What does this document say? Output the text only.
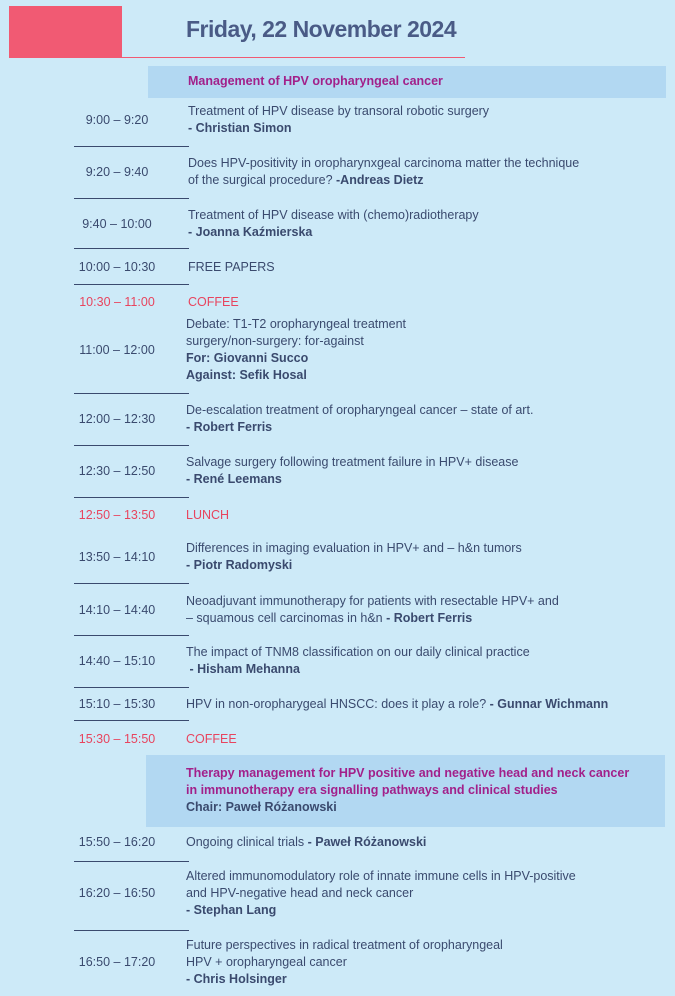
Friday, 22 November 2024
Management of HPV oropharyngeal cancer
Therapy management for HPV positive and negative head and neck cancer
in immunotherapy era signalling pathways and clinical studies
Chair: Paweł Różanowski
9:00 – 9:20
Treatment of HPV disease by transoral robotic surgery
- Christian Simon
9:20 – 9:40
Does HPV-positivity in oropharynxgeal carcinoma matter the technique
of the surgical procedure? -Andreas Dietz
9:40 – 10:00
Treatment of HPV disease with (chemo)radiotherapy
- Joanna Kaźmierska
10:00 – 10:30	FREE PAPERS
10:30 – 11:00	COFFEE
11:00 – 12:00
Debate: T1-T2 oropharyngeal treatment
surgery/non-surgery: for-against
For: Giovanni Succo
Against: Sefik Hosal
12:00 – 12:30
De-escalation treatment of oropharyngeal cancer – state of art.
- Robert Ferris
12:30 – 12:50
Salvage surgery following treatment failure in HPV+ disease
- René Leemans
12:50 – 13:50	LUNCH
13:50 – 14:10
Differences in imaging evaluation in HPV+ and – h&n tumors
- Piotr Radomyski
14:10 – 14:40
Neoadjuvant immunotherapy for patients with resectable HPV+ and
– squamous cell carcinomas in h&n - Robert Ferris
14:40 – 15:10
The impact of TNM8 classification on our daily clinical practice
- Hisham Mehanna
15:10 – 15:30	HPV in non-oropharygeal HNSCC: does it play a role? - Gunnar Wichmann
15:30 – 15:50	COFFEE
15:50 – 16:20	Ongoing clinical trials - Paweł Różanowski
16:20 – 16:50
Altered immunomodulatory role of innate immune cells in HPV-positive
and HPV-negative head and neck cancer
- Stephan Lang
16:50 – 17:20
Future perspectives in radical treatment of oropharyngeal
HPV + oropharyngeal cancer
- Chris Holsinger
